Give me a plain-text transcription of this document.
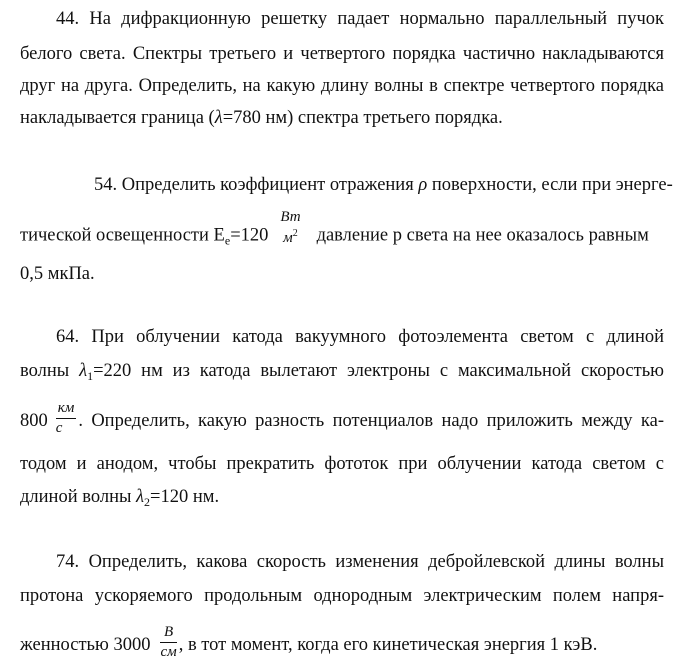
44. На дифракционную решетку падает нормально параллельный пучок
белого света. Спектры третьего и четвертого порядка частично накладываются
друг на друга. Определить, на какую длину волны в спектре четвертого порядка
накладывается граница (λ=780 нм) спектра третьего порядка.
54. Определить коэффициент отражения ρ поверхности, если при энерге-
тической освещенности $E_e=120$
Вт
$м^2$ давление p света на нее оказалось равным
0,5 мкПа.
64. При облучении катода вакуумного фотоэлемента светом с длиной
волны $\lambda_1=220$ нм из катода вылетают электроны с максимальной скоростью
$800 \frac{км}{с}$ . Определить, какую разность потенциалов надо приложить между ка-
тодом и анодом, чтобы прекратить фототок при облучении катода светом с
длиной волны $\lambda_2=120$ нм.
74. Определить, какова скорость изменения дебройлевской длины волны
протона ускоряемого продольным однородным электрическим полем напря-
женностью $3000 \frac{В}{см}$ , в тот момент, когда его кинетическая энергия 1 кэВ.
